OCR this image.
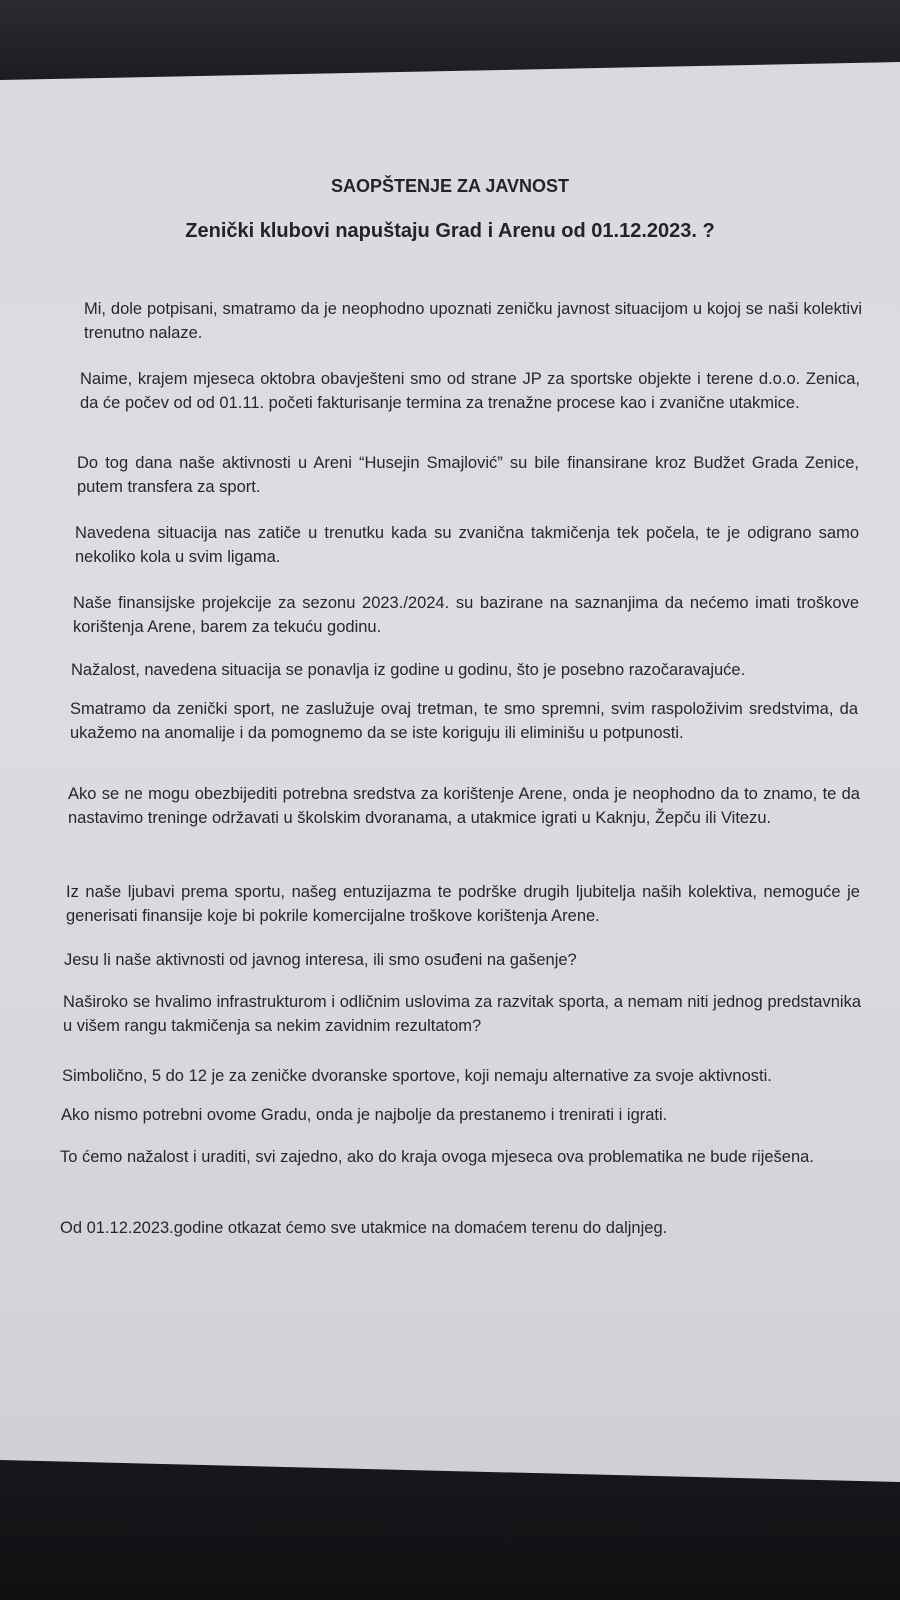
SAOPŠTENJE ZA JAVNOST
Zenički klubovi napuštaju Grad i Arenu od 01.12.2023. ?

Mi, dole potpisani, smatramo da je neophodno upoznati zeničku javnost situacijom u kojoj se naši kolektivi trenutno nalaze.

Naime, krajem mjeseca oktobra obavješteni smo od strane JP za sportske objekte i terene d.o.o. Zenica, da će počev od od 01.11. početi fakturisanje termina za trenažne procese kao i zvanične utakmice.

Do tog dana naše aktivnosti u Areni “Husejin Smajlović” su bile finansirane kroz Budžet Grada Zenice, putem transfera za sport.

Navedena situacija nas zatiče u trenutku kada su zvanična takmičenja tek počela, te je odigrano samo nekoliko kola u svim ligama.

Naše finansijske projekcije za sezonu 2023./2024. su bazirane na saznanjima da nećemo imati troškove korištenja Arene, barem za tekuću godinu.

Nažalost, navedena situacija se ponavlja iz godine u godinu, što je posebno razočaravajuće.

Smatramo da zenički sport, ne zaslužuje ovaj tretman, te smo spremni, svim raspoloživim sredstvima, da ukažemo na anomalije i da pomognemo da se iste koriguju ili eliminišu u potpunosti.

Ako se ne mogu obezbijediti potrebna sredstva za korištenje Arene, onda je neophodno da to znamo, te da nastavimo treninge održavati u školskim dvoranama, a utakmice igrati u Kaknju, Žepču ili Vitezu.

Iz naše ljubavi prema sportu, našeg entuzijazma te podrške drugih ljubitelja naših kolektiva, nemoguće je generisati finansije koje bi pokrile komercijalne troškove korištenja Arene.

Jesu li naše aktivnosti od javnog interesa, ili smo osuđeni na gašenje?

Naširoko se hvalimo infrastrukturom i odličnim uslovima za razvitak sporta, a nemam niti jednog predstavnika u višem rangu takmičenja sa nekim zavidnim rezultatom?

Simbolično, 5 do 12 je za zeničke dvoranske sportove, koji nemaju alternative za svoje aktivnosti.

Ako nismo potrebni ovome Gradu, onda je najbolje da prestanemo i trenirati i igrati.

To ćemo nažalost i uraditi, svi zajedno, ako do kraja ovoga mjeseca ova problematika ne bude riješena.

Od 01.12.2023.godine otkazat ćemo sve utakmice na domaćem terenu do daljnjeg.
